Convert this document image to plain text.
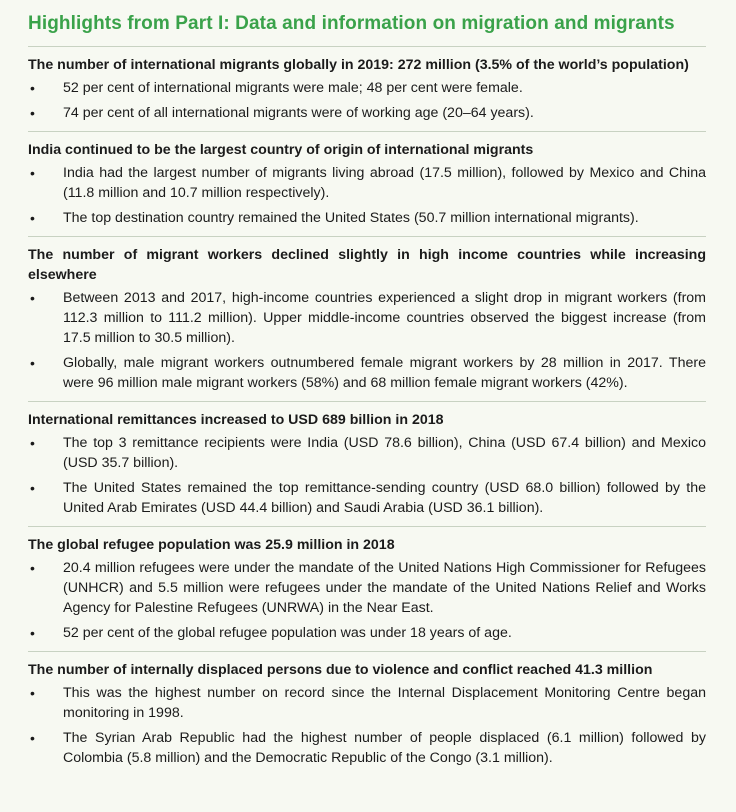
Highlights from Part I: Data and information on migration and migrants
The number of international migrants globally in 2019: 272 million (3.5% of the world’s population)
• 52 per cent of international migrants were male; 48 per cent were female.
• 74 per cent of all international migrants were of working age (20–64 years).
India continued to be the largest country of origin of international migrants
• India had the largest number of migrants living abroad (17.5 million), followed by Mexico and China (11.8 million and 10.7 million respectively).
• The top destination country remained the United States (50.7 million international migrants).
The number of migrant workers declined slightly in high income countries while increasing elsewhere
• Between 2013 and 2017, high-income countries experienced a slight drop in migrant workers (from 112.3 million to 111.2 million). Upper middle-income countries observed the biggest increase (from 17.5 million to 30.5 million).
• Globally, male migrant workers outnumbered female migrant workers by 28 million in 2017. There were 96 million male migrant workers (58%) and 68 million female migrant workers (42%).
International remittances increased to USD 689 billion in 2018
• The top 3 remittance recipients were India (USD 78.6 billion), China (USD 67.4 billion) and Mexico (USD 35.7 billion).
• The United States remained the top remittance-sending country (USD 68.0 billion) followed by the United Arab Emirates (USD 44.4 billion) and Saudi Arabia (USD 36.1 billion).
The global refugee population was 25.9 million in 2018
• 20.4 million refugees were under the mandate of the United Nations High Commissioner for Refugees (UNHCR) and 5.5 million were refugees under the mandate of the United Nations Relief and Works Agency for Palestine Refugees (UNRWA) in the Near East.
• 52 per cent of the global refugee population was under 18 years of age.
The number of internally displaced persons due to violence and conflict reached 41.3 million
• This was the highest number on record since the Internal Displacement Monitoring Centre began monitoring in 1998.
• The Syrian Arab Republic had the highest number of people displaced (6.1 million) followed by Colombia (5.8 million) and the Democratic Republic of the Congo (3.1 million).
